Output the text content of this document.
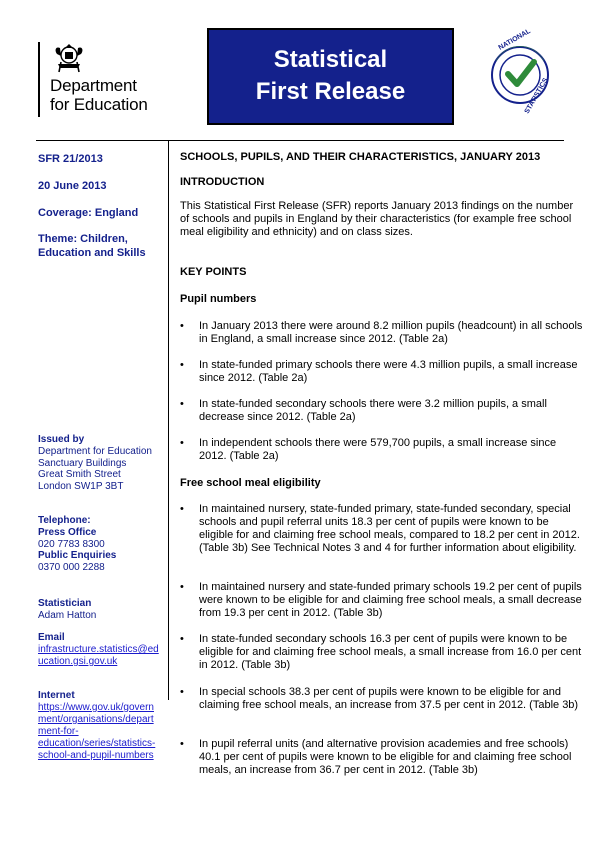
Department
for Education
Statistical
First Release
NATIONAL
STATISTICS
SFR 21/2013
20 June 2013
Coverage: England
Theme: Children,
Education and Skills
Issued by
Department for Education
Sanctuary Buildings
Great Smith Street
London SW1P 3BT
Telephone:
Press Office
020 7783 8300
Public Enquiries
0370 000 2288
Statistician
Adam Hatton
Email
infrastructure.statistics@ed
ucation.gsi.gov.uk
Internet
https://www.gov.uk/govern
ment/organisations/depart
ment-for-
education/series/statistics-
school-and-pupil-numbers
SCHOOLS, PUPILS, AND THEIR CHARACTERISTICS, JANUARY 2013
INTRODUCTION
This Statistical First Release (SFR) reports January 2013 findings on the number of schools and pupils in England by their characteristics (for example free school meal eligibility and ethnicity) and on class sizes.
KEY POINTS
Pupil numbers
•	In January 2013 there were around 8.2 million pupils (headcount) in all schools in England, a small increase since 2012. (Table 2a)
•	In state-funded primary schools there were 4.3 million pupils, a small increase since 2012. (Table 2a)
•	In state-funded secondary schools there were 3.2 million pupils, a small decrease since 2012. (Table 2a)
•	In independent schools there were 579,700 pupils, a small increase since 2012. (Table 2a)
Free school meal eligibility
•	In maintained nursery, state-funded primary, state-funded secondary, special schools and pupil referral units 18.3 per cent of pupils were known to be eligible for and claiming free school meals, compared to 18.2 per cent in 2012. (Table 3b) See Technical Notes 3 and 4 for further information about eligibility.
•	In maintained nursery and state-funded primary schools 19.2 per cent of pupils were known to be eligible for and claiming free school meals, a small decrease from 19.3 per cent in 2012. (Table 3b)
•	In state-funded secondary schools 16.3 per cent of pupils were known to be eligible for and claiming free school meals, a small increase from 16.0 per cent in 2012. (Table 3b)
•	In special schools 38.3 per cent of pupils were known to be eligible for and claiming free school meals, an increase from 37.5 per cent in 2012. (Table 3b)
•	In pupil referral units (and alternative provision academies and free schools) 40.1 per cent of pupils were known to be eligible for and claiming free school meals, an increase from 36.7 per cent in 2012. (Table 3b)
